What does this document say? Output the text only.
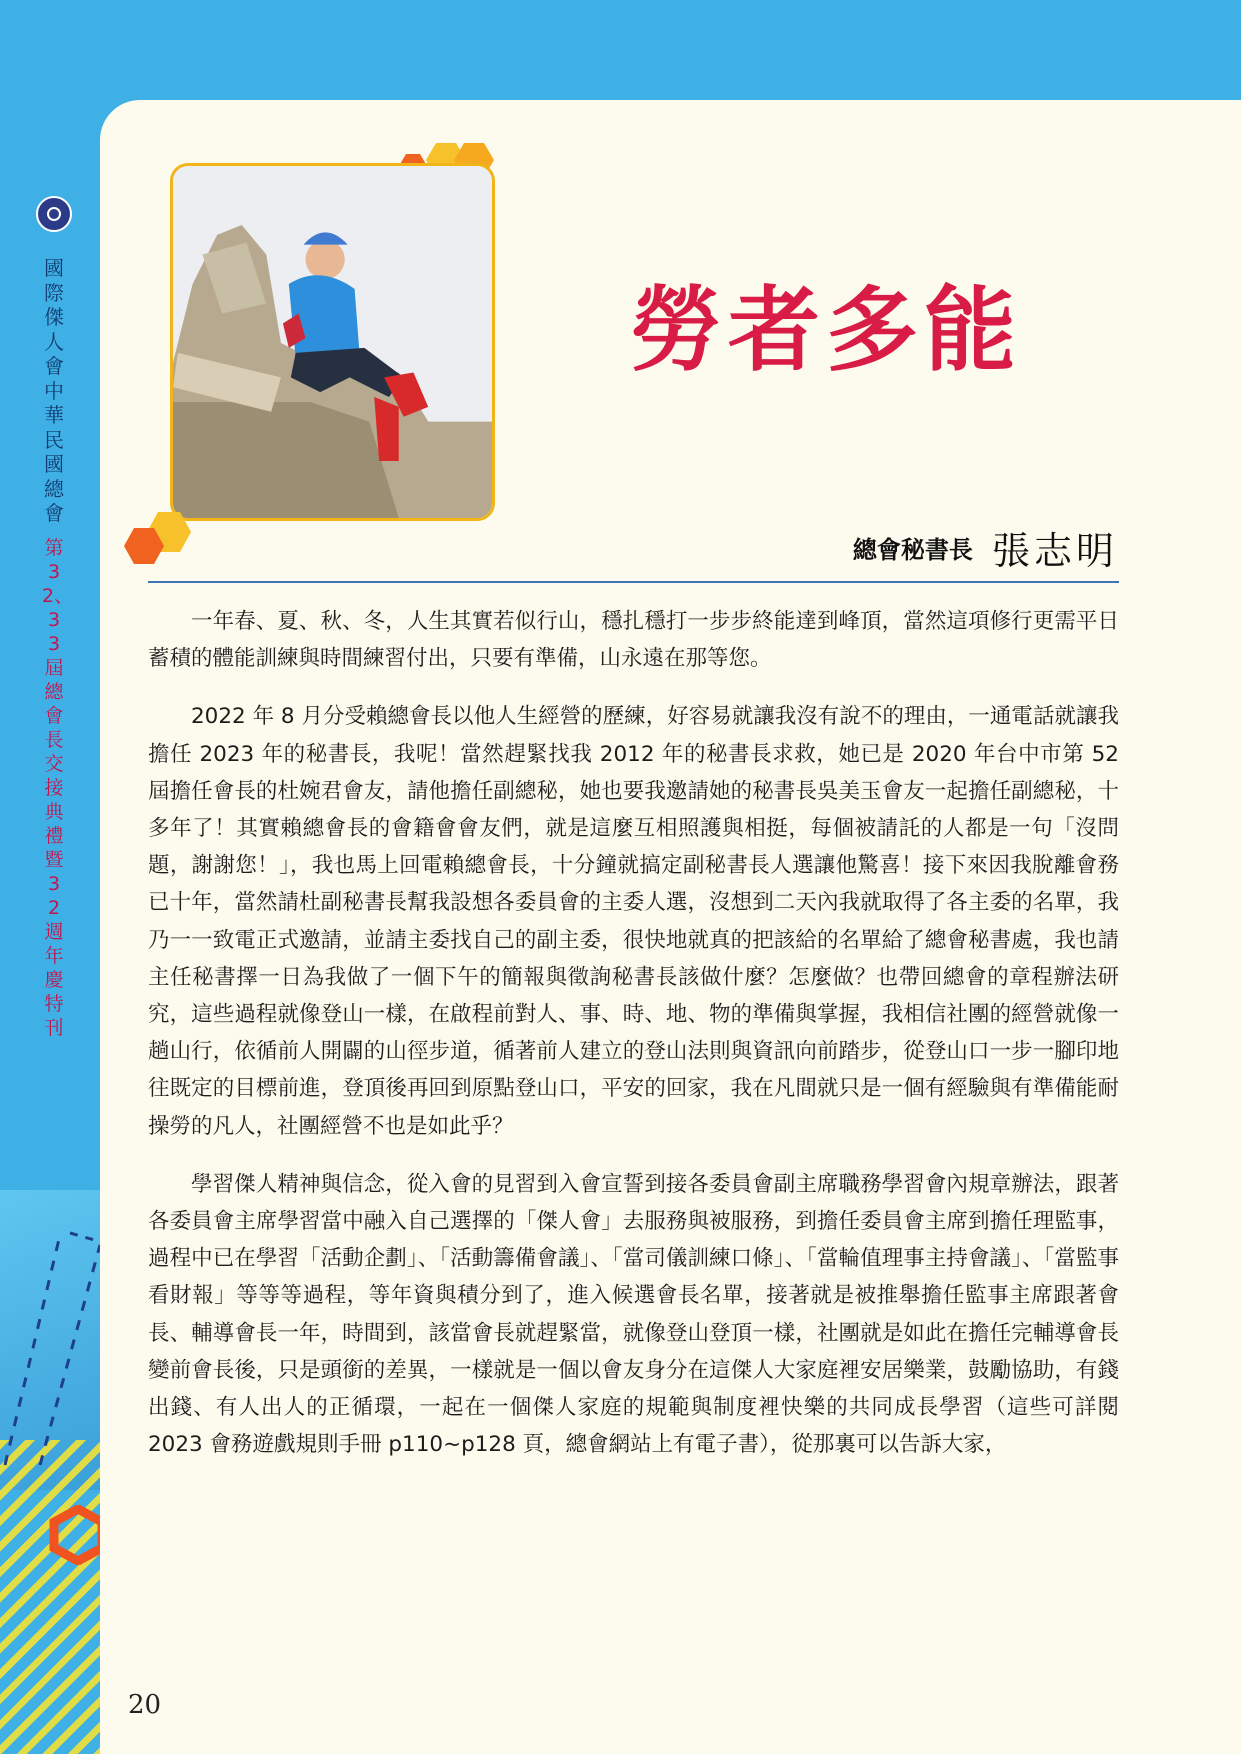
國際傑人會中華民國總會
第32、33屆總會長交接典禮暨32週年慶特刊
勞者多能
總會秘書長 張志明

一年春、夏、秋、冬，人生其實若似行山，穩扎穩打一步步終能達到峰頂，當然這項修行更需平日蓄積的體能訓練與時間練習付出，只要有準備，山永遠在那等您。

2022 年 8 月分受賴總會長以他人生經營的歷練，好容易就讓我沒有說不的理由，一通電話就讓我擔任 2023 年的秘書長，我呢！當然趕緊找我 2012 年的秘書長求救，她已是 2020 年台中市第 52 屆擔任會長的杜婉君會友，請他擔任副總秘，她也要我邀請她的秘書長吳美玉會友一起擔任副總秘，十多年了！其實賴總會長的會籍會會友們，就是這麼互相照護與相挺，每個被請託的人都是一句「沒問題，謝謝您！」，我也馬上回電賴總會長，十分鐘就搞定副秘書長人選讓他驚喜！接下來因我脫離會務已十年，當然請杜副秘書長幫我設想各委員會的主委人選，沒想到二天內我就取得了各主委的名單，我乃一一致電正式邀請，並請主委找自己的副主委，很快地就真的把該給的名單給了總會秘書處，我也請主任秘書擇一日為我做了一個下午的簡報與徵詢秘書長該做什麼？怎麼做？也帶回總會的章程辦法研究，這些過程就像登山一樣，在啟程前對人、事、時、地、物的準備與掌握，我相信社團的經營就像一趟山行，依循前人開闢的山徑步道，循著前人建立的登山法則與資訊向前踏步，從登山口一步一腳印地往既定的目標前進，登頂後再回到原點登山口，平安的回家，我在凡間就只是一個有經驗與有準備能耐操勞的凡人，社團經營不也是如此乎？

學習傑人精神與信念，從入會的見習到入會宣誓到接各委員會副主席職務學習會內規章辦法，跟著各委員會主席學習當中融入自己選擇的「傑人會」去服務與被服務，到擔任委員會主席到擔任理監事，過程中已在學習「活動企劃」、「活動籌備會議」、「當司儀訓練口條」、「當輪值理事主持會議」、「當監事看財報」等等等過程，等年資與積分到了，進入候選會長名單，接著就是被推舉擔任監事主席跟著會長、輔導會長一年，時間到，該當會長就趕緊當，就像登山登頂一樣，社團就是如此在擔任完輔導會長變前會長後，只是頭銜的差異，一樣就是一個以會友身分在這傑人大家庭裡安居樂業，鼓勵協助，有錢出錢、有人出人的正循環，一起在一個傑人家庭的規範與制度裡快樂的共同成長學習（這些可詳閱 2023 會務遊戲規則手冊 p110~p128 頁，總會網站上有電子書），從那裏可以告訴大家，

20
